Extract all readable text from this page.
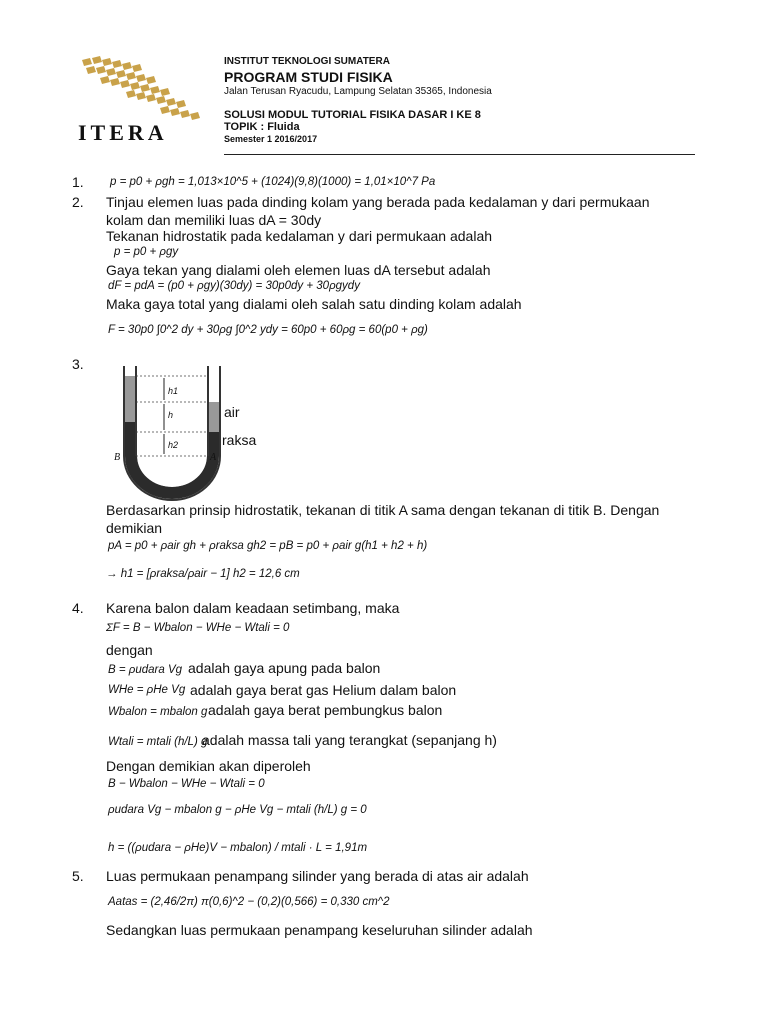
ITERA
INSTITUT TEKNOLOGI SUMATERA
PROGRAM STUDI FISIKA
Jalan Terusan Ryacudu, Lampung Selatan 35365, Indonesia
SOLUSI MODUL TUTORIAL FISIKA DASAR I KE 8
TOPIK : Fluida
Semester 1 2016/2017
1.
2.
3.
4.
5.
p = p0 + ρgh = 1,013×10^5 + (1024)(9,8)(1000) = 1,01×10^7 Pa
Tinjau elemen luas pada dinding kolam yang berada pada kedalaman y dari permukaan
kolam dan memiliki luas dA = 30dy
Tekanan hidrostatik pada kedalaman y dari permukaan adalah
p = p0 + ρgy
Gaya tekan yang dialami oleh elemen luas dA tersebut adalah
dF = pdA = (p0 + ρgy)(30dy) = 30p0dy + 30ρgydy
Maka gaya total yang dialami oleh salah satu dinding kolam adalah
F = 30p0 ∫0^2 dy + 30ρg ∫0^2 ydy = 60p0 + 60ρg = 60(p0 + ρg)
h1
h
h2
B	A
air
raksa
Berdasarkan prinsip hidrostatik, tekanan di titik A sama dengan tekanan di titik B. Dengan
demikian
pA = p0 + ρair gh + ρraksa gh2 = pB = p0 + ρair g(h1 + h2 + h)
→ h1 = [ρraksa/ρair − 1] h2 = 12,6 cm
Karena balon dalam keadaan setimbang, maka
ΣF = B − Wbalon − WHe − Wtali = 0
dengan
B = ρudara Vg adalah gaya apung pada balon
WHe = ρHe Vg adalah gaya berat gas Helium dalam balon
Wbalon = mbalon g adalah gaya berat pembungkus balon
Wtali = mtali (h/L) g
adalah massa tali yang terangkat (sepanjang h)
Dengan demikian akan diperoleh
B − Wbalon − WHe − Wtali = 0
ρudara Vg − mbalon g − ρHe Vg − mtali (h/L) g = 0
h = ((ρudara − ρHe)V − mbalon) / mtali · L = 1,91m
Luas permukaan penampang silinder yang berada di atas air adalah
Aatas = (2,46/2π) π(0,6)^2 − (0,2)(0,566) = 0,330 cm^2
Sedangkan luas permukaan penampang keseluruhan silinder adalah
